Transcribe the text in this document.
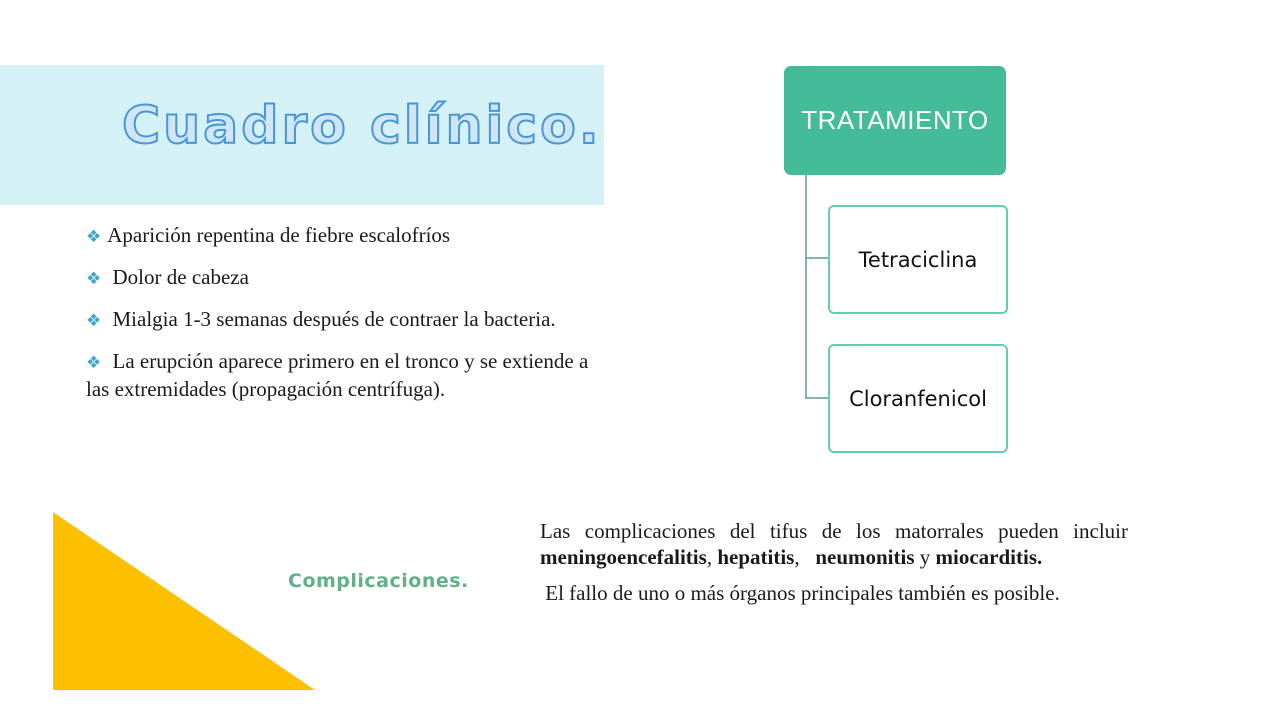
Cuadro clínico.
❖ Aparición repentina de fiebre escalofríos
❖ Dolor de cabeza
❖ Mialgia 1-3 semanas después de contraer la bacteria.
❖ La erupción aparece primero en el tronco y se extiende a las extremidades (propagación centrífuga).
TRATAMIENTO
Tetraciclina
Cloranfenicol
Complicaciones.

Las complicaciones del tifus de los matorrales pueden incluir meningoencefalitis, hepatitis,   neumonitis y miocarditis.

El fallo de uno o más órganos principales también es posible.
